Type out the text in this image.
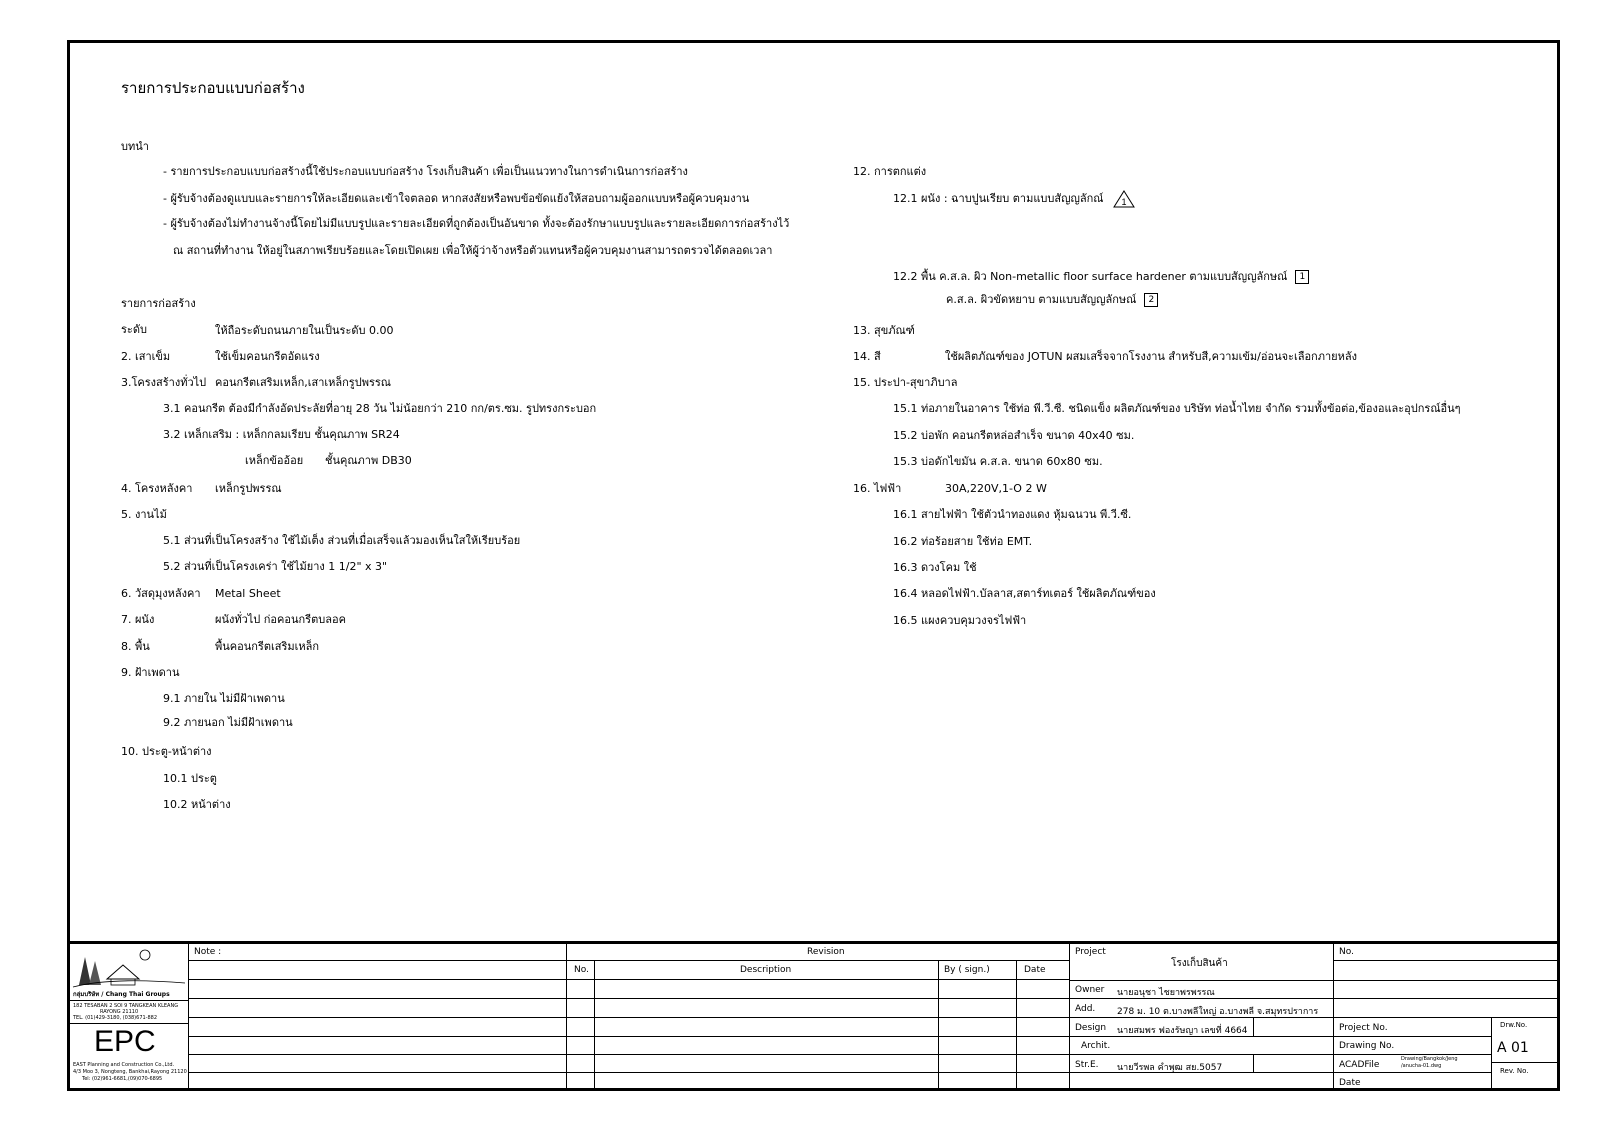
รายการประกอบแบบก่อสร้าง
บทนำ
- รายการประกอบแบบก่อสร้างนี้ใช้ประกอบแบบก่อสร้าง โรงเก็บสินค้า เพื่อเป็นแนวทางในการดำเนินการก่อสร้าง
- ผู้รับจ้างต้องดูแบบและรายการให้ละเอียดและเข้าใจตลอด หากสงสัยหรือพบข้อขัดแย้งให้สอบถามผู้ออกแบบหรือผู้ควบคุมงาน
- ผู้รับจ้างต้องไม่ทำงานจ้างนี้โดยไม่มีแบบรูปและรายละเอียดที่ถูกต้องเป็นอันขาด ทั้งจะต้องรักษาแบบรูปและรายละเอียดการก่อสร้างไว้
ณ สถานที่ทำงาน ให้อยู่ในสภาพเรียบร้อยและโดยเปิดเผย เพื่อให้ผู้ว่าจ้างหรือตัวแทนหรือผู้ควบคุมงานสามารถตรวจได้ตลอดเวลา
รายการก่อสร้าง
ระดับ	ให้ถือระดับถนนภายในเป็นระดับ 0.00
2. เสาเข็ม	ใช้เข็มคอนกรีตอัดแรง
3.โครงสร้างทั่วไป คอนกรีตเสริมเหล็ก,เสาเหล็กรูปพรรณ
3.1 คอนกรีต ต้องมีกำลังอัดประลัยที่อายุ 28 วัน ไม่น้อยกว่า 210 กก/ตร.ซม. รูปทรงกระบอก
3.2 เหล็กเสริม : เหล็กกลมเรียบ ชั้นคุณภาพ SR24
เหล็กข้ออ้อย ชั้นคุณภาพ DB30
4. โครงหลังคา เหล็กรูปพรรณ
5. งานไม้
5.1 ส่วนที่เป็นโครงสร้าง ใช้ไม้เต็ง ส่วนที่เมื่อเสร็จแล้วมองเห็นใสให้เรียบร้อย
5.2 ส่วนที่เป็นโครงเคร่า ใช้ไม้ยาง 1 1/2" x 3"
6. วัสดุมุงหลังคา Metal Sheet
7. ผนัง	ผนังทั่วไป ก่อคอนกรีตบลอค
8. พื้น	พื้นคอนกรีตเสริมเหล็ก
9. ฝ้าเพดาน
9.1 ภายใน ไม่มีฝ้าเพดาน
9.2 ภายนอก ไม่มีฝ้าเพดาน
10. ประตู-หน้าต่าง
10.1 ประตู
10.2 หน้าต่าง
12. การตกแต่ง
12.1 ผนัง : ฉาบปูนเรียบ ตามแบบสัญญลักณ์ 1
12.2 พื้น ค.ส.ล. ผิว Non-metallic floor surface hardener ตามแบบสัญญลักษณ์ 1
ค.ส.ล. ผิวขัดหยาบ ตามแบบสัญญลักษณ์ 2
13. สุขภัณฑ์
14. สี	ใช้ผลิตภัณฑ์ของ JOTUN ผสมเสร็จจากโรงงาน สำหรับสี,ความเข้ม/อ่อนจะเลือกภายหลัง
15. ประปา-สุขาภิบาล
15.1 ท่อภายในอาคาร ใช้ท่อ พี.วี.ซี. ชนิดแข็ง ผลิตภัณฑ์ของ บริษัท ท่อน้ำไทย จำกัด รวมทั้งข้อต่อ,ข้องอและอุปกรณ์อื่นๆ
15.2 บ่อพัก คอนกรีตหล่อสำเร็จ ขนาด 40x40 ซม.
15.3 บ่อดักไขมัน ค.ส.ล. ขนาด 60x80 ซม.
16. ไฟฟ้า	30A,220V,1-O 2 W
16.1 สายไฟฟ้า ใช้ตัวนำทองแดง หุ้มฉนวน พี.วี.ซี.
16.2 ท่อร้อยสาย ใช้ท่อ EMT.
16.3 ดวงโคม ใช้
16.4 หลอดไฟฟ้า.บัลลาส,สตาร์ทเตอร์ ใช้ผลิตภัณฑ์ของ
16.5 แผงควบคุมวงจรไฟฟ้า
กลุ่มบริษัท / Chang Thai Groups
182 TESABAN 2 SOI 9 TANGKEAN KLEANG
RAYONG 21110
TEL. (01)429-3180, (038)671-882
EPC
EAST Planning and Construction Co.,Ltd.
4/3 Moo 3, Nongteng, Bankhai,Rayong 21120
Tel: (02)961-6681,(09)070-6895
Note :	Revision
No.	Description	By ( sign.)	Date
Project
โรงเก็บสินค้า
Owner นายอนุชา ไชยาพรพรรณ
Add. 278 ม. 10 ต.บางพลีใหญ่ อ.บางพลี จ.สมุทรปราการ
Design นายสมพร ฟองรัษญา เลขที่ 4664
Archit.
Str.E. นายวีรพล คำพุฒ สย.5057
No.
Project No.
Drawing No.
ACADFile
Drawing/Bangkok/Jeng
/anucha-01.dwg
Date
Drw.No.
A 01
Rev. No.
